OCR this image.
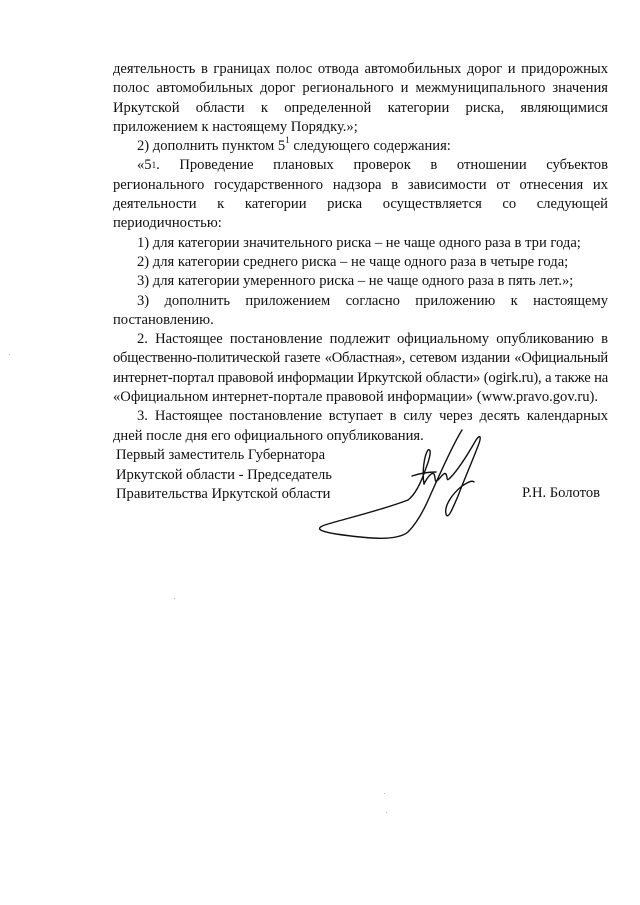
деятельность в границах полос отвода автомобильных дорог и придорожных
полос автомобильных дорог регионального и межмуниципального значения
Иркутской области к определенной категории риска, являющимися
приложением к настоящему Порядку.»;
2) дополнить пунктом $5^1$ следующего содержания:
«$5^1$ . Проведение плановых проверок в отношении субъектов
регионального государственного надзора в зависимости от отнесения их
деятельности к категории риска осуществляется со следующей
периодичностью:
1) для категории значительного риска – не чаще одного раза в три года;
2) для категории среднего риска – не чаще одного раза в четыре года;
3) для категории умеренного риска – не чаще одного раза в пять лет.»;
3) дополнить приложением согласно приложению к настоящему
постановлению.
2. Настоящее постановление подлежит официальному опубликованию в
общественно-политической газете «Областная», сетевом издании «Официальный
интернет-портал правовой информации Иркутской области» (ogirk.ru), а также на
«Официальном интернет-портале правовой информации» (www.pravo.gov.ru).
3. Настоящее постановление вступает в силу через десять календарных
дней после дня его официального опубликования.
Первый заместитель Губернатора
Иркутской области - Председатель
Правительства Иркутской области	Р.Н. Болотов
